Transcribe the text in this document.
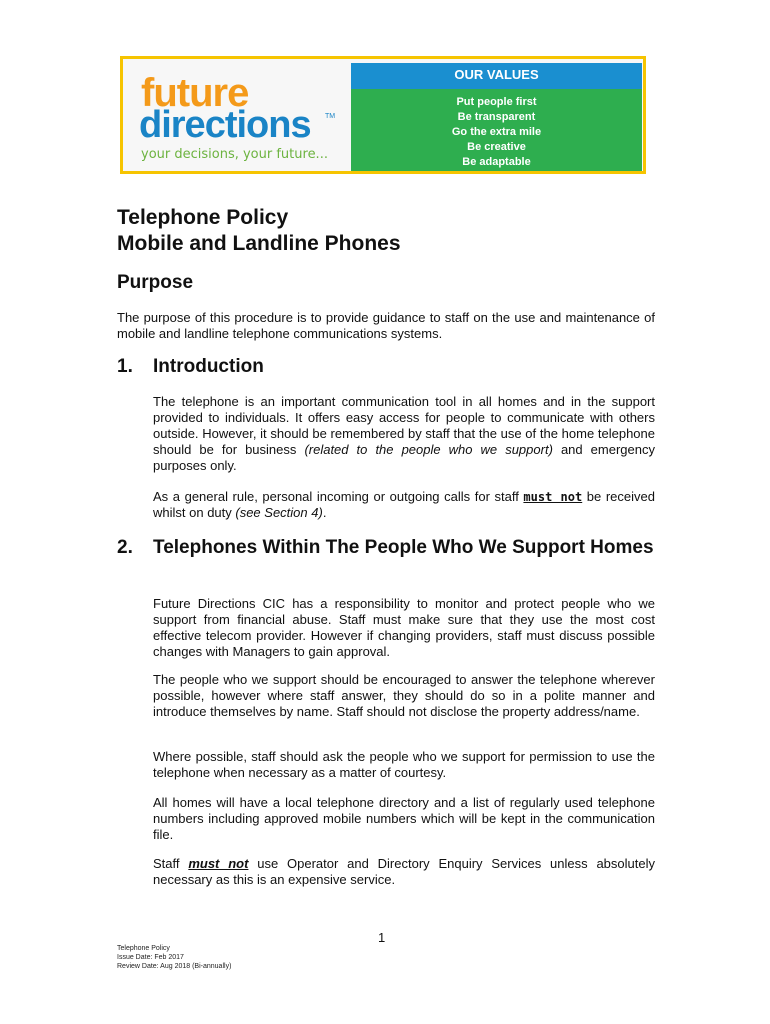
future
directions TM
your decisions, your future...
OUR VALUES
Put people first
Be transparent
Go the extra mile
Be creative
Be adaptable
Telephone Policy
Mobile and Landline Phones
Purpose
The purpose of this procedure is to provide guidance to staff on the use and maintenance of mobile and landline telephone communications systems.
1. Introduction
The telephone is an important communication tool in all homes and in the support provided to individuals. It offers easy access for people to communicate with others outside. However, it should be remembered by staff that the use of the home telephone should be for business (related to the people who we support) and emergency purposes only.
As a general rule, personal incoming or outgoing calls for staff must not be received whilst on duty (see Section 4).
2. Telephones Within The People Who We Support Homes
Future Directions CIC has a responsibility to monitor and protect people who we support from financial abuse. Staff must make sure that they use the most cost effective telecom provider. However if changing providers, staff must discuss possible changes with Managers to gain approval.
The people who we support should be encouraged to answer the telephone wherever possible, however where staff answer, they should do so in a polite manner and introduce themselves by name. Staff should not disclose the property address/name.
Where possible, staff should ask the people who we support for permission to use the telephone when necessary as a matter of courtesy.
All homes will have a local telephone directory and a list of regularly used telephone numbers including approved mobile numbers which will be kept in the communication file.
Staff must not use Operator and Directory Enquiry Services unless absolutely necessary as this is an expensive service.
1
Telephone Policy
Issue Date: Feb 2017
Review Date: Aug 2018 (Bi-annually)
